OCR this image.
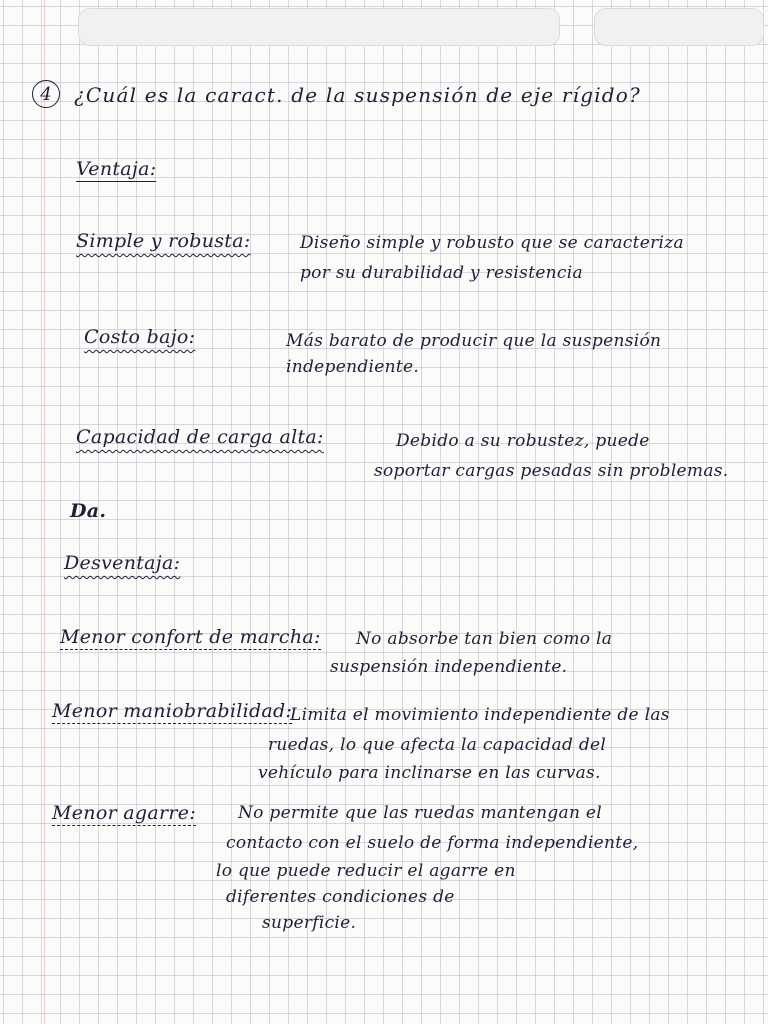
4	¿Cuál es la caract. de la suspensión de eje rígido?
Ventaja:
Simple y robusta:	Diseño simple y robusto que se caracteriza
por su durabilidad y resistencia
Costo bajo:	Más barato de producir que la suspensión
independiente.
Capacidad de carga alta:	Debido a su robustez, puede
soportar cargas pesadas sin problemas.
Da.
Desventaja:
Menor confort de marcha: No absorbe tan bien como la
suspensión independiente.
Menor maniobrabilidad:
Limita el movimiento independiente de las
ruedas, lo que afecta la capacidad del
vehículo para inclinarse en las curvas.
Menor agarre: No permite que las ruedas mantengan el
contacto con el suelo de forma independiente,
lo que puede reducir el agarre en
diferentes condiciones de
superficie.
